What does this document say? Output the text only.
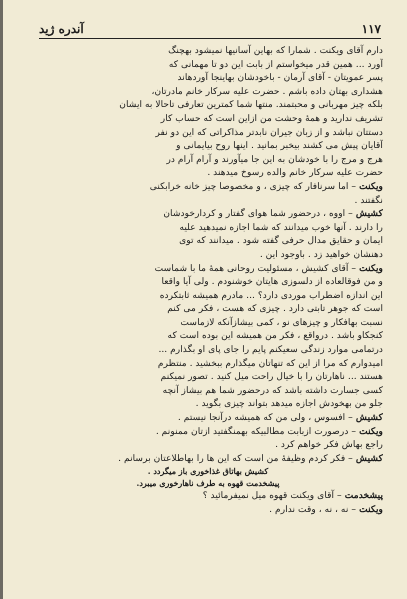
آندره ژید	۱۱۷
دارم آقای ویکنت . شمارا که بهاین آسانیها نمیشود بهچنگ
آورد ... همین قدر میخواستم از بابت این دو تا مهمانی که
پسر عمویتان - آقای آرمان - باخودشان بهاینجا آوردهاند
هشداری بهتان داده باشم . حضرت علیه سرکار خانم مادرتان،
بلکه چیز مهربانی و محبتمند. منتها شما کمترین تعارفی تاحالا به ایشان
تشریف ندارید و همهٔ وحشت من ازاین است که حساب کار
دستتان نباشد و از زبان جیران نابدتر مذاکراتی که این دو نفر
آقایان پیش می کشند بیخبر بمانید . اینها روح بیایمانی و
هرج و مرج را با خودشان به این جا میآورند و آرام آرام در
حضرت علیه سرکار خانم والده رسوخ میدهند .
ویکنت – اما سرنافار که چیزی ، و مخصوصا چیز خانه خرابکنی
نگفتند .
کشیش – اووه ، درحضور شما هوای گفتار و کردارخودشان
را دارند . آنها خوب میدانند که شما اجازه نمیدهید علیه
ایمان و حقایق مدال حرفی گفته شود . میدانند که توی
دهنشان خواهید زد . باوجود این .
ویکنت – آقای کشیش ، مسئولیت روحانی همهٔ ما با شماست
و من فوقالعاده از دلسوزی هایتان خوشنودم . ولی آیا واقعا
این اندازه اضطراب موردی دارد؟ ... مادرم همیشه ثابتکرده
است که جوهر تابتی دارد . چیزی که هست ، فکر می کنم
نسبت بهافکار و چیزهای نو ، کمی بیشازآنکه لازماست
کنجکاو باشد . درواقع ، فکر من همیشه این بوده است که
درتمامی موارد زندگی سعیکنم پایم را جای پای او بگذارم ...
امیدوارم که مرا از این که تنهاتان میگذارم ببخشید . منتظرم
هستند ... ناهارتان را با خیال راحت میل کنید . تصور نمیکنم
کسی جسارت داشته باشد که درحضور شما هم بیشاز آنچه
جلو من بهخودش اجازه میدهد بتواند چیزی بگوید .
کشیش – افسوس ، ولی من که همیشه درآنجا نیستم .
ویکنت – درصورت ازبابت مطالبیکه بهمنگفتید ازتان ممنونم .
راجع بهاش فکر خواهم کرد .
کشیش – فکر کردم وظیفهٔ من است که این ها را بهاطلاعتان برسانم .
کشیش بهاتاق غذاخوری باز میگردد .
پیشخدمت قهوه به طرف ناهارخوری میبرد.
پیشخدمت – آقای ویکنت قهوه میل نمیفرمائید ؟
ویکنت – نه ، نه ، وقت ندارم .
